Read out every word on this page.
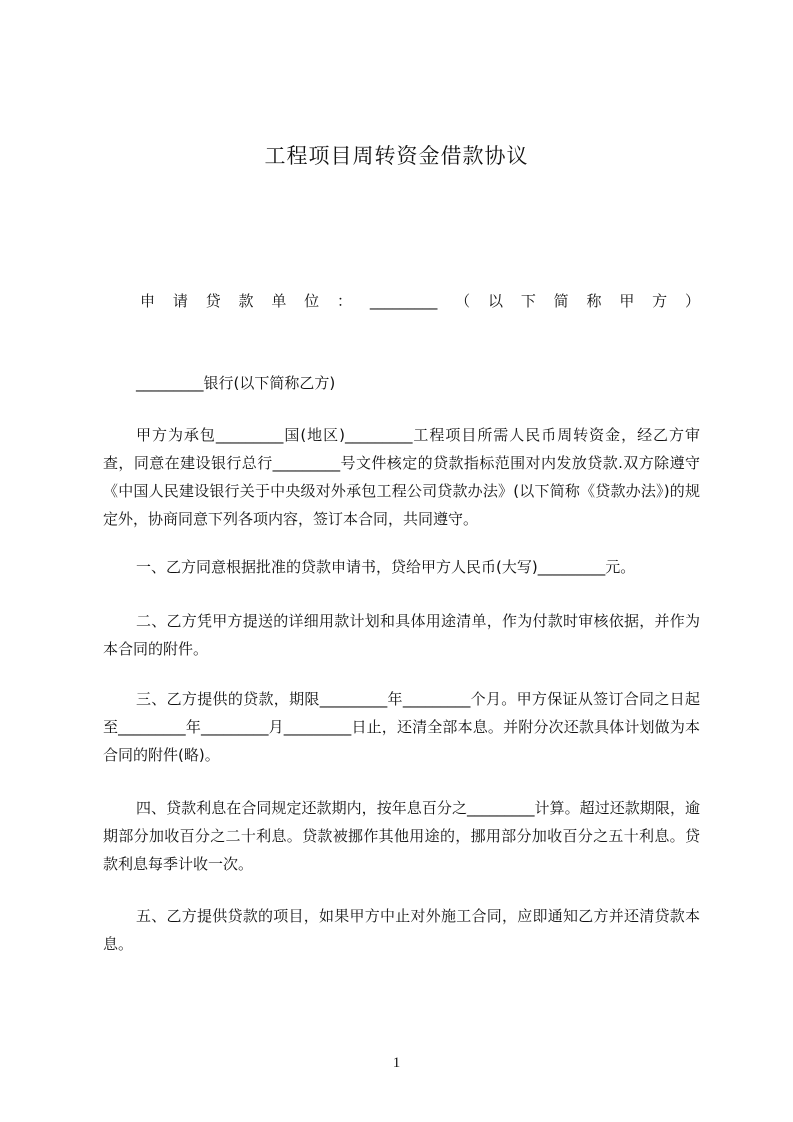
工程项目周转资金借款协议
申请贷款单位：_________（以下简称甲方）
_________银行(以下简称乙方)
甲方为承包_________国(地区)_________工程项目所需人民币周转资金，经乙方审查，同意在建设银行总行_________号文件核定的贷款指标范围对内发放贷款.双方除遵守《中国人民建设银行关于中央级对外承包工程公司贷款办法》(以下简称《贷款办法》)的规定外，协商同意下列各项内容，签订本合同，共同遵守。
一、乙方同意根据批准的贷款申请书，贷给甲方人民币(大写)_________元。
二、乙方凭甲方提送的详细用款计划和具体用途清单，作为付款时审核依据，并作为本合同的附件。
三、乙方提供的贷款，期限_________年_________个月。甲方保证从签订合同之日起至_________年_________月_________日止，还清全部本息。并附分次还款具体计划做为本合同的附件(略)。
四、贷款利息在合同规定还款期内，按年息百分之_________计算。超过还款期限，逾期部分加收百分之二十利息。贷款被挪作其他用途的，挪用部分加收百分之五十利息。贷款利息每季计收一次。
五、乙方提供贷款的项目，如果甲方中止对外施工合同，应即通知乙方并还清贷款本息。
1
